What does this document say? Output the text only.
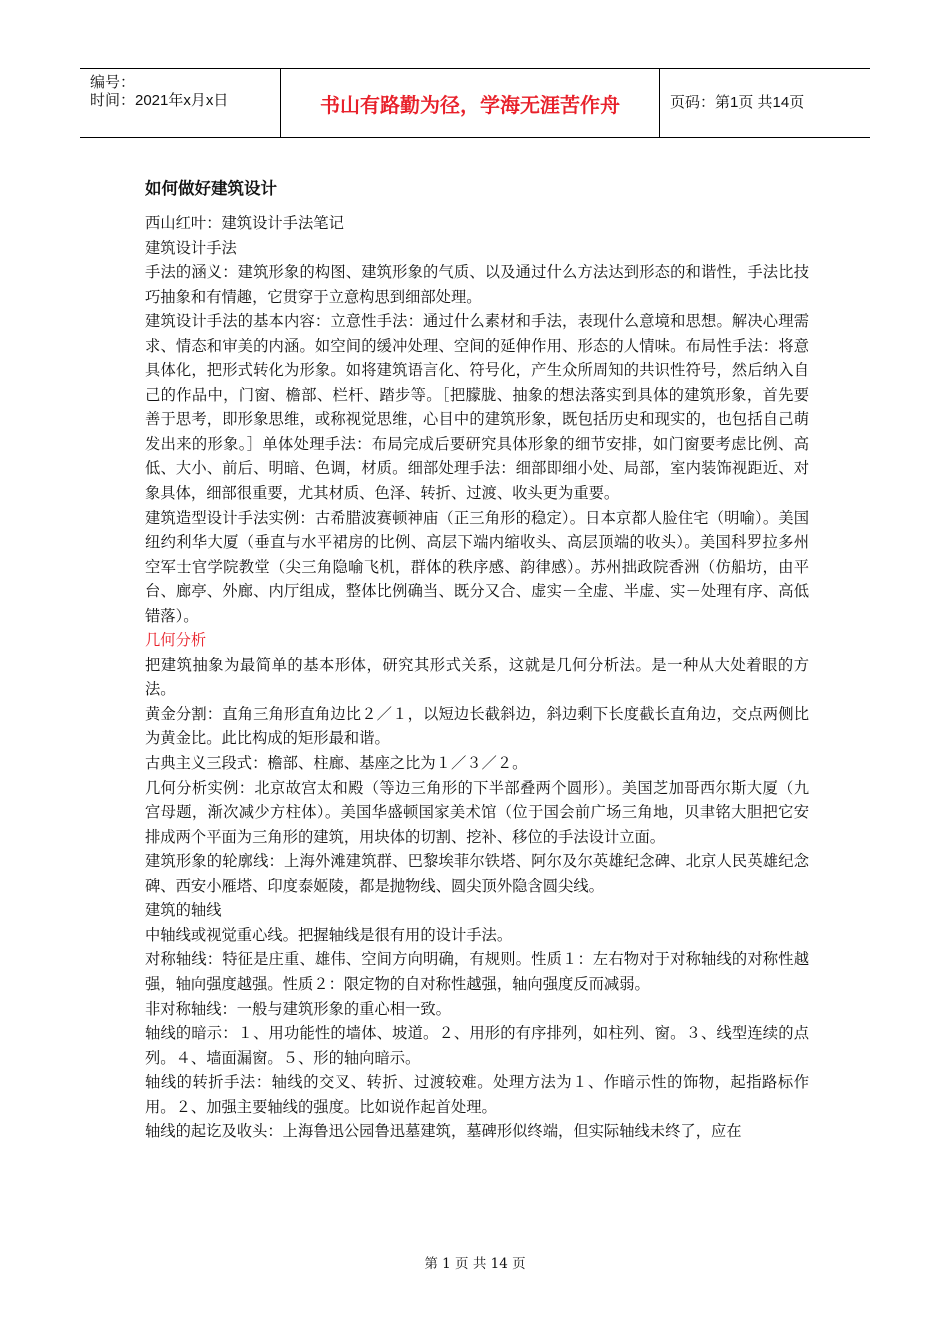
编号：
时间：2021年x月x日	书山有路勤为径，学海无涯苦作舟	页码：第1页 共14页
如何做好建筑设计

西山红叶：建筑设计手法笔记

建筑设计手法

手法的涵义：建筑形象的构图、建筑形象的气质、以及通过什么方法达到形态的和谐性，手法比技巧抽象和有情趣，它贯穿于立意构思到细部处理。

建筑设计手法的基本内容：立意性手法：通过什么素材和手法，表现什么意境和思想。解决心理需求、情态和审美的内涵。如空间的缓冲处理、空间的延伸作用、形态的人情味。布局性手法：将意具体化，把形式转化为形象。如将建筑语言化、符号化，产生众所周知的共识性符号，然后纳入自己的作品中，门窗、檐部、栏杆、踏步等。［把朦胧、抽象的想法落实到具体的建筑形象，首先要善于思考，即形象思维，或称视觉思维，心目中的建筑形象，既包括历史和现实的，也包括自己萌发出来的形象。］单体处理手法：布局完成后要研究具体形象的细节安排，如门窗要考虑比例、高低、大小、前后、明暗、色调，材质。细部处理手法：细部即细小处、局部，室内装饰视距近、对象具体，细部很重要，尤其材质、色泽、转折、过渡、收头更为重要。

建筑造型设计手法实例：古希腊波赛顿神庙（正三角形的稳定）。日本京都人脸住宅（明喻）。美国纽约利华大厦（垂直与水平裙房的比例、高层下端内缩收头、高层顶端的收头）。美国科罗拉多州空军士官学院教堂（尖三角隐喻飞机，群体的秩序感、韵律感）。苏州拙政院香洲（仿船坊，由平台、廊亭、外廊、内厅组成，整体比例确当、既分又合、虚实－全虚、半虚、实－处理有序、高低错落）。

几何分析

把建筑抽象为最简单的基本形体，研究其形式关系，这就是几何分析法。是一种从大处着眼的方法。

黄金分割：直角三角形直角边比２／１，以短边长截斜边，斜边剩下长度截长直角边，交点两侧比为黄金比。此比构成的矩形最和谐。

古典主义三段式：檐部、柱廊、基座之比为１／３／２。

几何分析实例：北京故宫太和殿（等边三角形的下半部叠两个圆形）。美国芝加哥西尔斯大厦（九宫母题，渐次减少方柱体）。美国华盛顿国家美术馆（位于国会前广场三角地，贝聿铭大胆把它安排成两个平面为三角形的建筑，用块体的切割、挖补、移位的手法设计立面。

建筑形象的轮廓线：上海外滩建筑群、巴黎埃菲尔铁塔、阿尔及尔英雄纪念碑、北京人民英雄纪念碑、西安小雁塔、印度泰姬陵，都是抛物线、圆尖顶外隐含圆尖线。

建筑的轴线

中轴线或视觉重心线。把握轴线是很有用的设计手法。

对称轴线：特征是庄重、雄伟、空间方向明确，有规则。性质１：左右物对于对称轴线的对称性越强，轴向强度越强。性质２：限定物的自对称性越强，轴向强度反而减弱。

非对称轴线：一般与建筑形象的重心相一致。

轴线的暗示：１、用功能性的墙体、坡道。２、用形的有序排列，如柱列、窗。３、线型连续的点列。４、墙面漏窗。５、形的轴向暗示。

轴线的转折手法：轴线的交叉、转折、过渡较难。处理方法为１、作暗示性的饰物，起指路标作用。２、加强主要轴线的强度。比如说作起首处理。

轴线的起讫及收头：上海鲁迅公园鲁迅墓建筑，墓碑形似终端，但实际轴线未终了，应在

第 1 页 共 14 页
